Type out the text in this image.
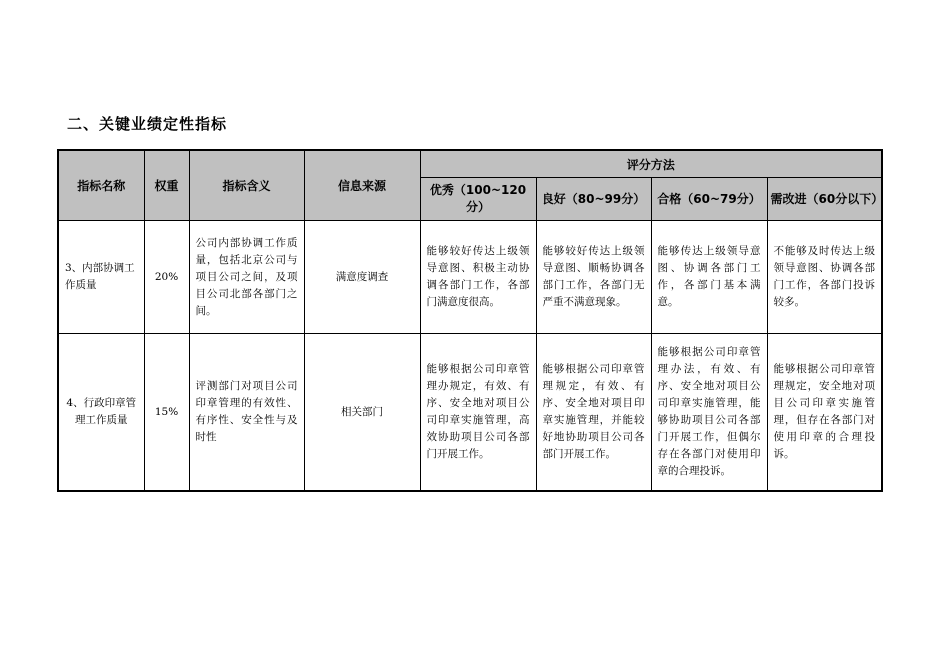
二、关键业绩定性指标
指标名称	权重	指标含义	信息来源	评分方法			
				优秀（100~120分）	良好（80~99分）	合格（60~79分）	需改进（60分以下）
3、内部协调工作质量	20%	公司内部协调工作质量，包括北京公司与项目公司之间，及项目公司北部各部门之间。	满意度调查	能够较好传达上级领导意图、积极主动协调各部门工作，各部门满意度很高。	能够较好传达上级领导意图、顺畅协调各部门工作，各部门无严重不满意现象。	能够传达上级领导意图、协调各部门工作，各部门基本满意。	不能够及时传达上级领导意图、协调各部门工作，各部门投诉较多。
4、行政印章管理工作质量	15%	评测部门对项目公司印章管理的有效性、有序性、安全性与及时性	相关部门	能够根据公司印章管理办规定，有效、有序、安全地对项目公司印章实施管理，高效协助项目公司各部门开展工作。	能够根据公司印章管理规定，有效、有序、安全地对项目印章实施管理，并能较好地协助项目公司各部门开展工作。	能够根据公司印章管理办法，有效、有序、安全地对项目公司印章实施管理，能够协助项目公司各部门开展工作，但偶尔存在各部门对使用印章的合理投诉。	能够根据公司印章管理规定，安全地对项目公司印章实施管理，但存在各部门对使用印章的合理投诉。
